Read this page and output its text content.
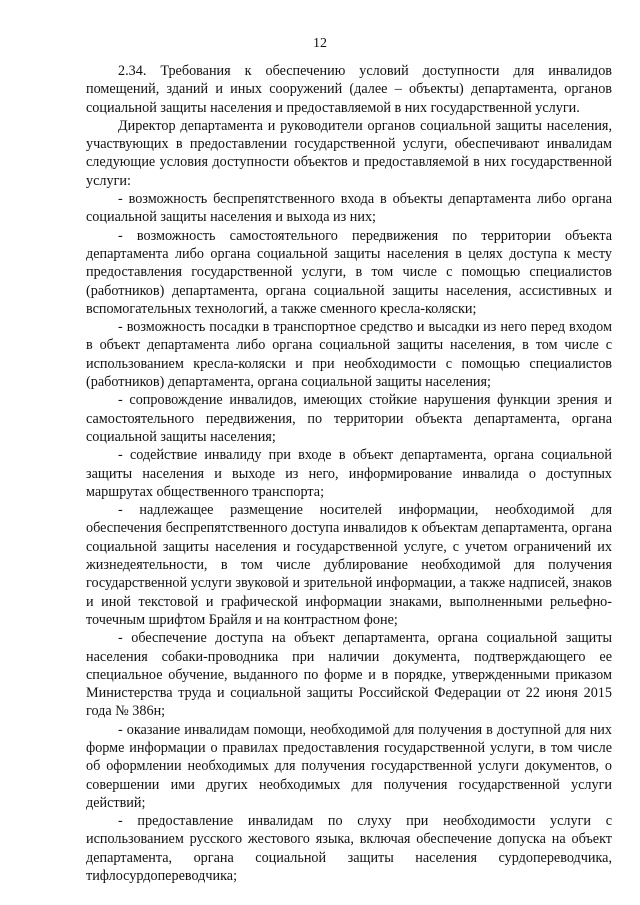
12

2.34. Требования к обеспечению условий доступности для инвалидов помещений, зданий и иных сооружений (далее – объекты) департамента, органов социальной защиты населения и предоставляемой в них государственной услуги.

Директор департамента и руководители органов социальной защиты населения, участвующих в предоставлении государственной услуги, обеспечивают инвалидам следующие условия доступности объектов и предоставляемой в них государственной услуги:

- возможность беспрепятственного входа в объекты департамента либо органа социальной защиты населения и выхода из них;

- возможность самостоятельного передвижения по территории объекта департамента либо органа социальной защиты населения в целях доступа к месту предоставления государственной услуги, в том числе с помощью специалистов (работников) департамента, органа социальной защиты населения, ассистивных и вспомогательных технологий, а также сменного кресла-коляски;

- возможность посадки в транспортное средство и высадки из него перед входом в объект департамента либо органа социальной защиты населения, в том числе с использованием кресла-коляски и при необходимости с помощью специалистов (работников) департамента, органа социальной защиты населения;

- сопровождение инвалидов, имеющих стойкие нарушения функции зрения и самостоятельного передвижения, по территории объекта департамента, органа социальной защиты населения;

- содействие инвалиду при входе в объект департамента, органа социальной защиты населения и выходе из него, информирование инвалида о доступных маршрутах общественного транспорта;

- надлежащее размещение носителей информации, необходимой для обеспечения беспрепятственного доступа инвалидов к объектам департамента, органа социальной защиты населения и государственной услуге, с учетом ограничений их жизнедеятельности, в том числе дублирование необходимой для получения государственной услуги звуковой и зрительной информации, а также надписей, знаков и иной текстовой и графической информации знаками, выполненными рельефно-точечным шрифтом Брайля и на контрастном фоне;

- обеспечение доступа на объект департамента, органа социальной защиты населения собаки-проводника при наличии документа, подтверждающего ее специальное обучение, выданного по форме и в порядке, утвержденными приказом Министерства труда и социальной защиты Российской Федерации от 22 июня 2015 года № 386н;

- оказание инвалидам помощи, необходимой для получения в доступной для них форме информации о правилах предоставления государственной услуги, в том числе об оформлении необходимых для получения государственной услуги документов, о совершении ими других необходимых для получения государственной услуги действий;

- предоставление инвалидам по слуху при необходимости услуги с использованием русского жестового языка, включая обеспечение допуска на объект департамента, органа социальной защиты населения сурдопереводчика, тифлосурдопереводчика;
